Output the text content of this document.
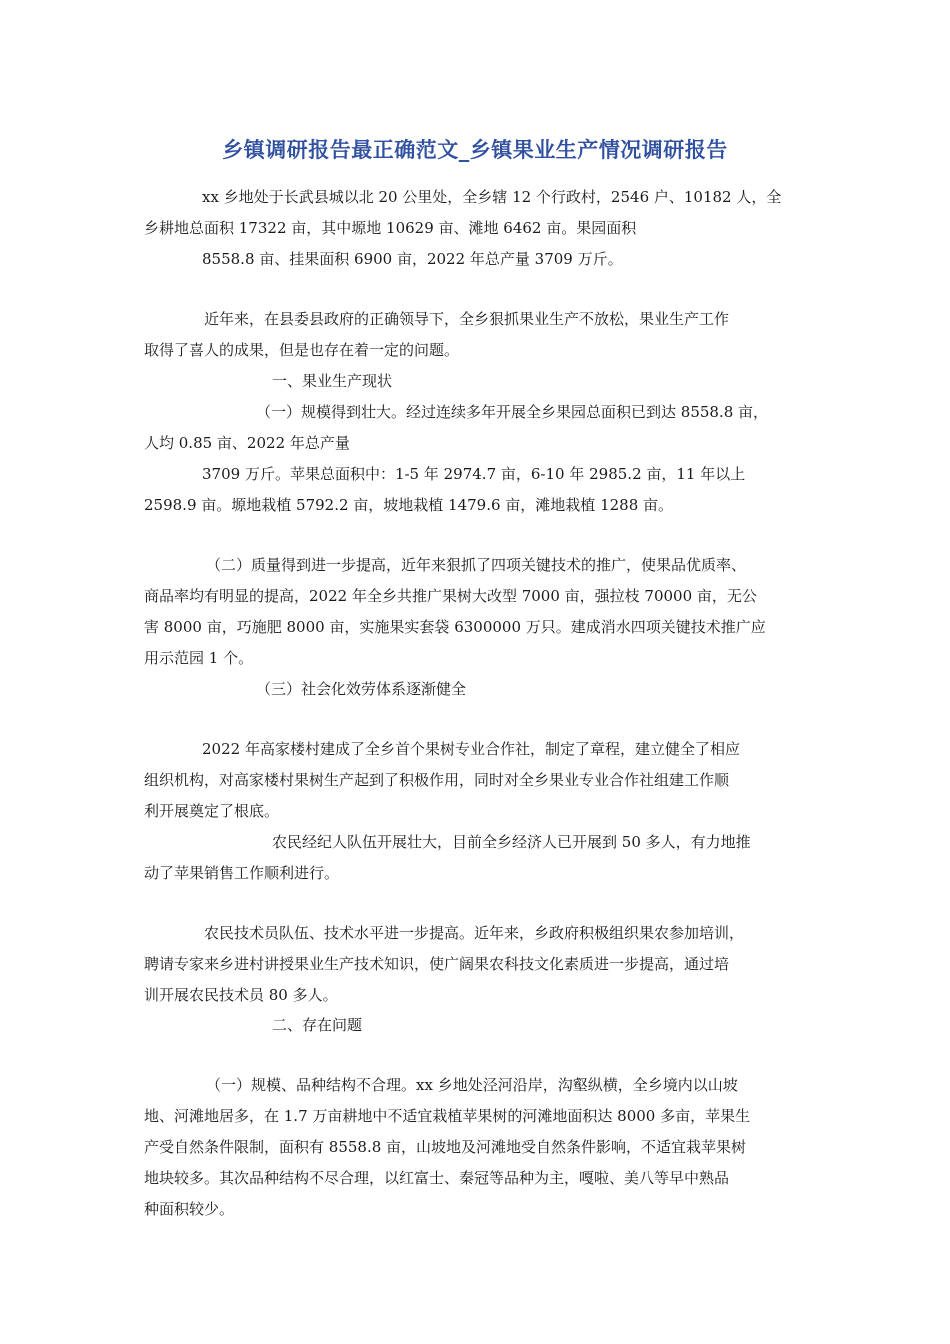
乡镇调研报告最正确范文_乡镇果业生产情况调研报告
xx 乡地处于长武县城以北 20 公里处，全乡辖 12 个行政村，2546 户、10182 人，全
乡耕地总面积 17322 亩，其中塬地 10629 亩、滩地 6462 亩。果园面积
8558.8 亩、挂果面积 6900 亩，2022 年总产量 3709 万斤。
近年来，在县委县政府的正确领导下，全乡狠抓果业生产不放松，果业生产工作
取得了喜人的成果，但是也存在着一定的问题。
一、果业生产现状
（一）规模得到壮大。经过连续多年开展全乡果园总面积已到达 8558.8 亩，
人均 0.85 亩、2022 年总产量
3709 万斤。苹果总面积中：1-5 年 2974.7 亩，6-10 年 2985.2 亩，11 年以上
2598.9 亩。塬地栽植 5792.2 亩，坡地栽植 1479.6 亩，滩地栽植 1288 亩。
（二）质量得到进一步提高，近年来狠抓了四项关键技术的推广，使果品优质率、
商品率均有明显的提高，2022 年全乡共推广果树大改型 7000 亩，强拉枝 70000 亩，无公
害 8000 亩，巧施肥 8000 亩，实施果实套袋 6300000 万只。建成消水四项关键技术推广应
用示范园 1 个。
（三）社会化效劳体系逐渐健全
2022 年高家楼村建成了全乡首个果树专业合作社，制定了章程，建立健全了相应
组织机构，对高家楼村果树生产起到了积极作用，同时对全乡果业专业合作社组建工作顺
利开展奠定了根底。
农民经纪人队伍开展壮大，目前全乡经济人已开展到 50 多人，有力地推
动了苹果销售工作顺利进行。
农民技术员队伍、技术水平进一步提高。近年来，乡政府积极组织果农参加培训，
聘请专家来乡进村讲授果业生产技术知识，使广阔果农科技文化素质进一步提高，通过培
训开展农民技术员 80 多人。
二、存在问题
（一）规模、品种结构不合理。xx 乡地处泾河沿岸，沟壑纵横，全乡境内以山坡
地、河滩地居多，在 1.7 万亩耕地中不适宜栽植苹果树的河滩地面积达 8000 多亩，苹果生
产受自然条件限制，面积有 8558.8 亩，山坡地及河滩地受自然条件影响，不适宜栽苹果树
地块较多。其次品种结构不尽合理，以红富士、秦冠等品种为主，嘎啦、美八等早中熟品
种面积较少。
